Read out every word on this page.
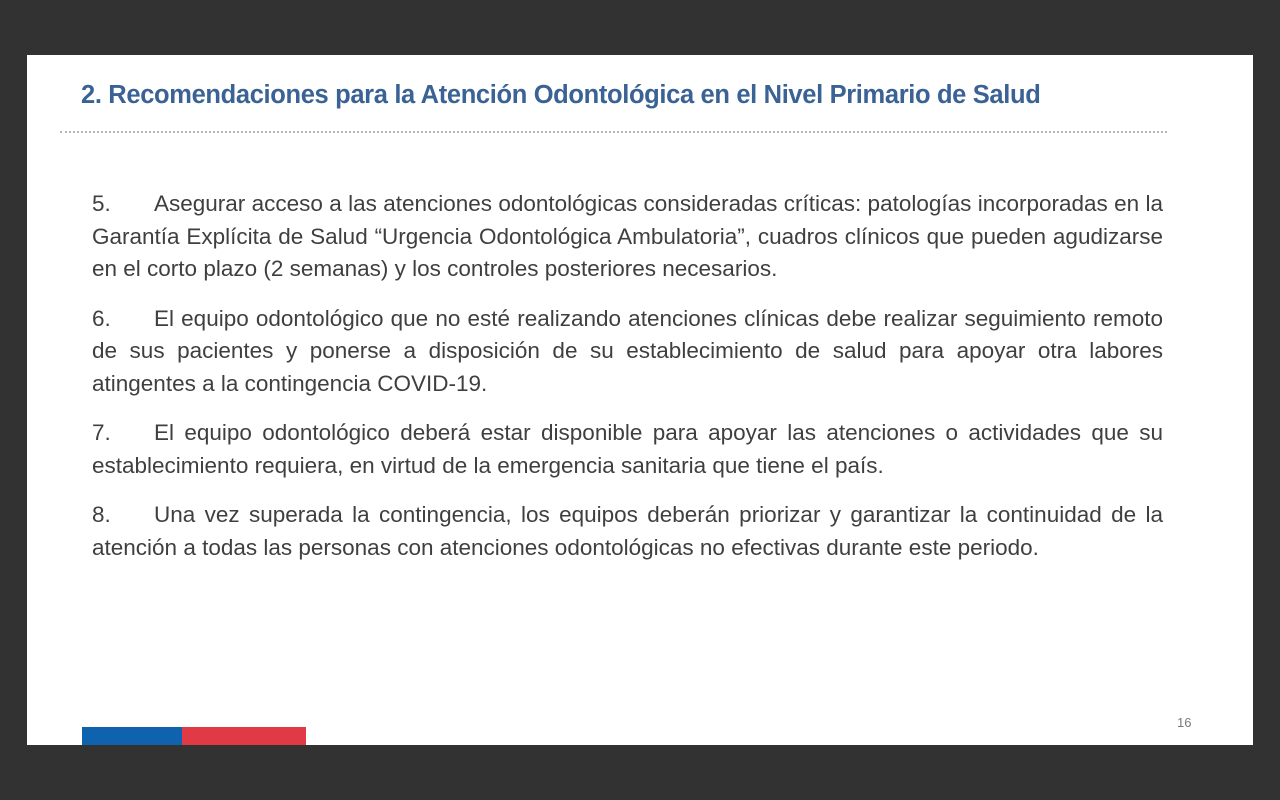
2. Recomendaciones para la Atención Odontológica en el Nivel Primario de Salud

5. Asegurar acceso a las atenciones odontológicas consideradas críticas: patologías incorporadas en la Garantía Explícita de Salud “Urgencia Odontológica Ambulatoria”, cuadros clínicos que pueden agudizarse en el corto plazo (2 semanas) y los controles posteriores necesarios.

6. El equipo odontológico que no esté realizando atenciones clínicas debe realizar seguimiento remoto de sus pacientes y ponerse a disposición de su establecimiento de salud para apoyar otra labores atingentes a la contingencia COVID-19.

7. El equipo odontológico deberá estar disponible para apoyar las atenciones o actividades que su establecimiento requiera, en virtud de la emergencia sanitaria que tiene el país.

8. Una vez superada la contingencia, los equipos deberán priorizar y garantizar la continuidad de la atención a todas las personas con atenciones odontológicas no efectivas durante este periodo.

16
